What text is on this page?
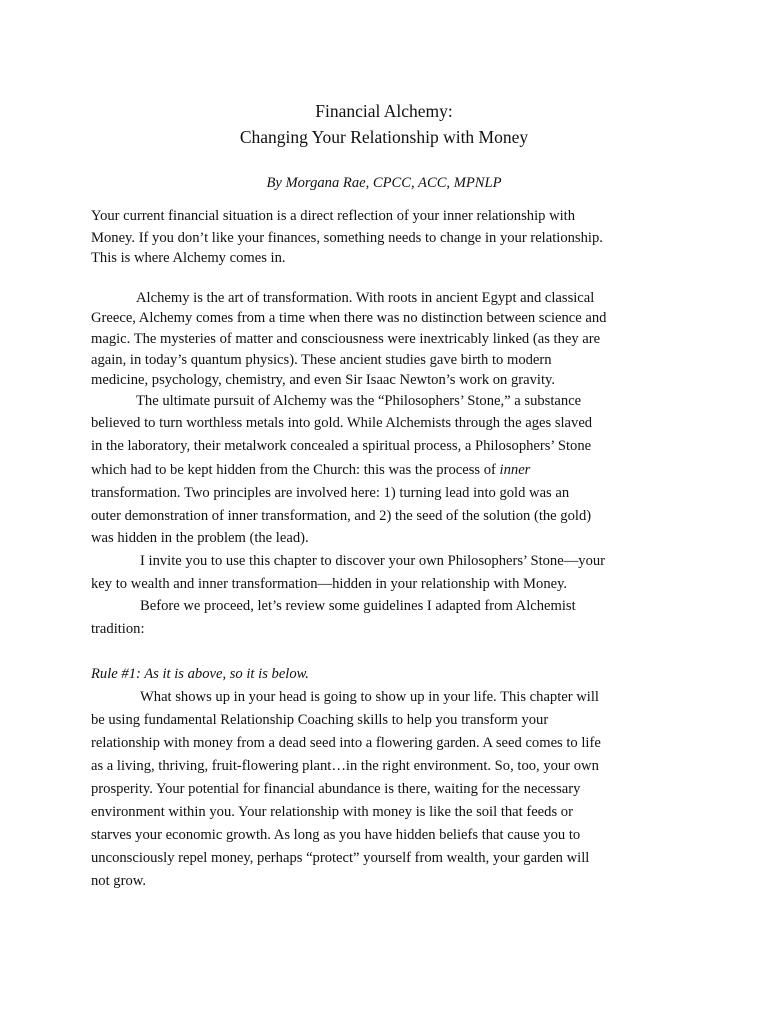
Financial Alchemy:
Changing Your Relationship with Money
By Morgana Rae, CPCC, ACC, MPNLP
Your current financial situation is a direct reflection of your inner relationship with
Money. If you don’t like your finances, something needs to change in your relationship.
This is where Alchemy comes in.
Alchemy is the art of transformation. With roots in ancient Egypt and classical
Greece, Alchemy comes from a time when there was no distinction between science and
magic. The mysteries of matter and consciousness were inextricably linked (as they are
again, in today’s quantum physics). These ancient studies gave birth to modern
medicine, psychology, chemistry, and even Sir Isaac Newton’s work on gravity.
The ultimate pursuit of Alchemy was the “Philosophers’ Stone,” a substance
believed to turn worthless metals into gold. While Alchemists through the ages slaved
in the laboratory, their metalwork concealed a spiritual process, a Philosophers’ Stone
which had to be kept hidden from the Church: this was the process of inner
transformation. Two principles are involved here: 1) turning lead into gold was an
outer demonstration of inner transformation, and 2) the seed of the solution (the gold)
was hidden in the problem (the lead).
I invite you to use this chapter to discover your own Philosophers’ Stone—your
key to wealth and inner transformation—hidden in your relationship with Money.
Before we proceed, let’s review some guidelines I adapted from Alchemist
tradition:
Rule #1: As it is above, so it is below.
What shows up in your head is going to show up in your life. This chapter will
be using fundamental Relationship Coaching skills to help you transform your
relationship with money from a dead seed into a flowering garden. A seed comes to life
as a living, thriving, fruit-flowering plant…in the right environment. So, too, your own
prosperity. Your potential for financial abundance is there, waiting for the necessary
environment within you. Your relationship with money is like the soil that feeds or
starves your economic growth. As long as you have hidden beliefs that cause you to
unconsciously repel money, perhaps “protect” yourself from wealth, your garden will
not grow.
